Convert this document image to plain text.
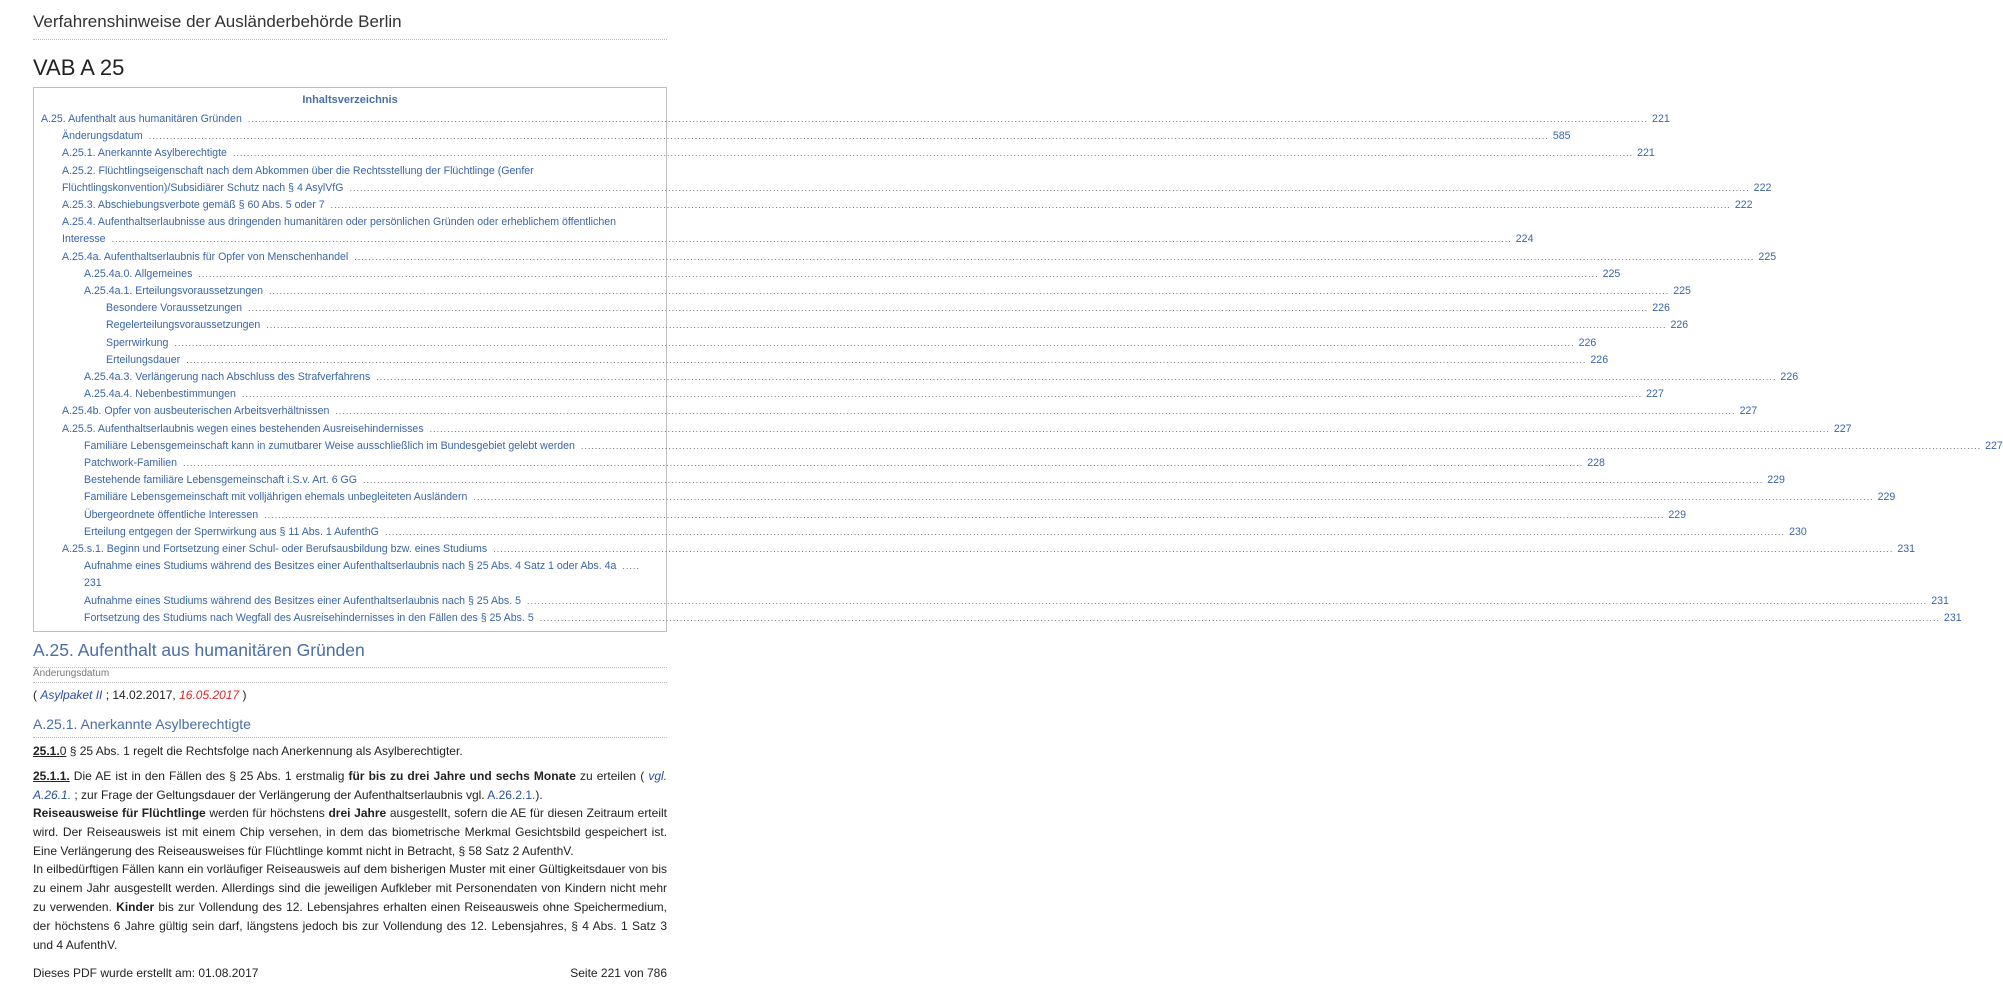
Verfahrenshinweise der Ausländerbehörde Berlin
VAB A 25
Inhaltsverzeichnis
A.25. Aufenthalt aus humanitären Gründen ................................................................................................................................................................................................................................................................................................................................................................................................................ 221
Änderungsdatum ................................................................................................................................................................................................................................................................................................................................................................................................................ 585
A.25.1. Anerkannte Asylberechtigte ................................................................................................................................................................................................................................................................................................................................................................................................................ 221
A.25.2. Flüchtlingseigenschaft nach dem Abkommen über die Rechtsstellung der Flüchtlinge (Genfer
Flüchtlingskonvention)/Subsidiärer Schutz nach § 4 AsylVfG ................................................................................................................................................................................................................................................................................................................................................................................................................ 222
A.25.3. Abschiebungsverbote gemäß § 60 Abs. 5 oder 7 ................................................................................................................................................................................................................................................................................................................................................................................................................ 222
A.25.4. Aufenthaltserlaubnisse aus dringenden humanitären oder persönlichen Gründen oder erheblichem öffentlichen
Interesse ................................................................................................................................................................................................................................................................................................................................................................................................................ 224
A.25.4a. Aufenthaltserlaubnis für Opfer von Menschenhandel ................................................................................................................................................................................................................................................................................................................................................................................................................ 225
A.25.4a.0. Allgemeines ................................................................................................................................................................................................................................................................................................................................................................................................................ 225
A.25.4a.1. Erteilungsvoraussetzungen ................................................................................................................................................................................................................................................................................................................................................................................................................ 225
Besondere Voraussetzungen ................................................................................................................................................................................................................................................................................................................................................................................................................ 226
Regelerteilungsvoraussetzungen ................................................................................................................................................................................................................................................................................................................................................................................................................ 226
Sperrwirkung ................................................................................................................................................................................................................................................................................................................................................................................................................ 226
Erteilungsdauer ................................................................................................................................................................................................................................................................................................................................................................................................................ 226
A.25.4a.3. Verlängerung nach Abschluss des Strafverfahrens ................................................................................................................................................................................................................................................................................................................................................................................................................ 226
A.25.4a.4. Nebenbestimmungen ................................................................................................................................................................................................................................................................................................................................................................................................................ 227
A.25.4b. Opfer von ausbeuterischen Arbeitsverhältnissen ................................................................................................................................................................................................................................................................................................................................................................................................................ 227
A.25.5. Aufenthaltserlaubnis wegen eines bestehenden Ausreisehindernisses ................................................................................................................................................................................................................................................................................................................................................................................................................ 227
Familiäre Lebensgemeinschaft kann in zumutbarer Weise ausschließlich im Bundesgebiet gelebt werden ................................................................................................................................................................................................................................................................................................................................................................................................................ 227
Patchwork-Familien ................................................................................................................................................................................................................................................................................................................................................................................................................ 228
Bestehende familiäre Lebensgemeinschaft i.S.v. Art. 6 GG ................................................................................................................................................................................................................................................................................................................................................................................................................ 229
Familiäre Lebensgemeinschaft mit volljährigen ehemals unbegleiteten Ausländern ................................................................................................................................................................................................................................................................................................................................................................................................................ 229
Übergeordnete öffentliche Interessen ................................................................................................................................................................................................................................................................................................................................................................................................................ 229
Erteilung entgegen der Sperrwirkung aus § 11 Abs. 1 AufenthG ................................................................................................................................................................................................................................................................................................................................................................................................................ 230
A.25.s.1. Beginn und Fortsetzung einer Schul- oder Berufsausbildung bzw. eines Studiums ................................................................................................................................................................................................................................................................................................................................................................................................................ 231
Aufnahme eines Studiums während des Besitzes einer Aufenthaltserlaubnis nach § 25 Abs. 4 Satz 1 oder Abs. 4a .....
231
Aufnahme eines Studiums während des Besitzes einer Aufenthaltserlaubnis nach § 25 Abs. 5 ................................................................................................................................................................................................................................................................................................................................................................................................................ 231
Fortsetzung des Studiums nach Wegfall des Ausreisehindernisses in den Fällen des § 25 Abs. 5 ................................................................................................................................................................................................................................................................................................................................................................................................................ 231
A.25. Aufenthalt aus humanitären Gründen
Änderungsdatum
( Asylpaket II ; 14.02.2017, 16.05.2017 )
A.25.1. Anerkannte Asylberechtigte
25.1.0 § 25 Abs. 1 regelt die Rechtsfolge nach Anerkennung als Asylberechtigter.
25.1.1. Die AE ist in den Fällen des § 25 Abs. 1 erstmalig für bis zu drei Jahre und sechs Monate zu erteilen ( vgl. A.26.1. ; zur Frage der Geltungsdauer der Verlängerung der Aufenthaltserlaubnis vgl. A.26.2.1.).
Reiseausweise für Flüchtlinge werden für höchstens drei Jahre ausgestellt, sofern die AE für diesen Zeitraum erteilt wird. Der Reiseausweis ist mit einem Chip versehen, in dem das biometrische Merkmal Gesichtsbild gespeichert ist. Eine Verlängerung des Reiseausweises für Flüchtlinge kommt nicht in Betracht, § 58 Satz 2 AufenthV.
In eilbedürftigen Fällen kann ein vorläufiger Reiseausweis auf dem bisherigen Muster mit einer Gültigkeitsdauer von bis zu einem Jahr ausgestellt werden. Allerdings sind die jeweiligen Aufkleber mit Personendaten von Kindern nicht mehr zu verwenden. Kinder bis zur Vollendung des 12. Lebensjahres erhalten einen Reiseausweis ohne Speichermedium, der höchstens 6 Jahre gültig sein darf, längstens jedoch bis zur Vollendung des 12. Lebensjahres, § 4 Abs. 1 Satz 3 und 4 AufenthV.
Dieses PDF wurde erstellt am: 01.08.2017	Seite 221 von 786
